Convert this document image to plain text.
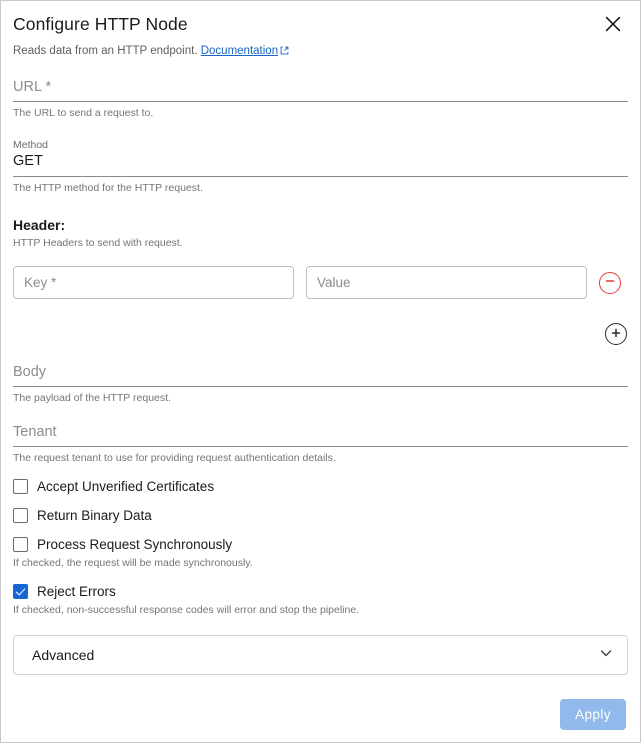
Configure HTTP Node
Reads data from an HTTP endpoint. Documentation
URL *
The URL to send a request to.
Method
GET
The HTTP method for the HTTP request.
Header:
HTTP Headers to send with request.
Key *
Value
Body
The payload of the HTTP request.
Tenant
The request tenant to use for providing request authentication details.
Accept Unverified Certificates
Return Binary Data
Process Request Synchronously
If checked, the request will be made synchronously.
Reject Errors
If checked, non-successful response codes will error and stop the pipeline.
Advanced
Apply
